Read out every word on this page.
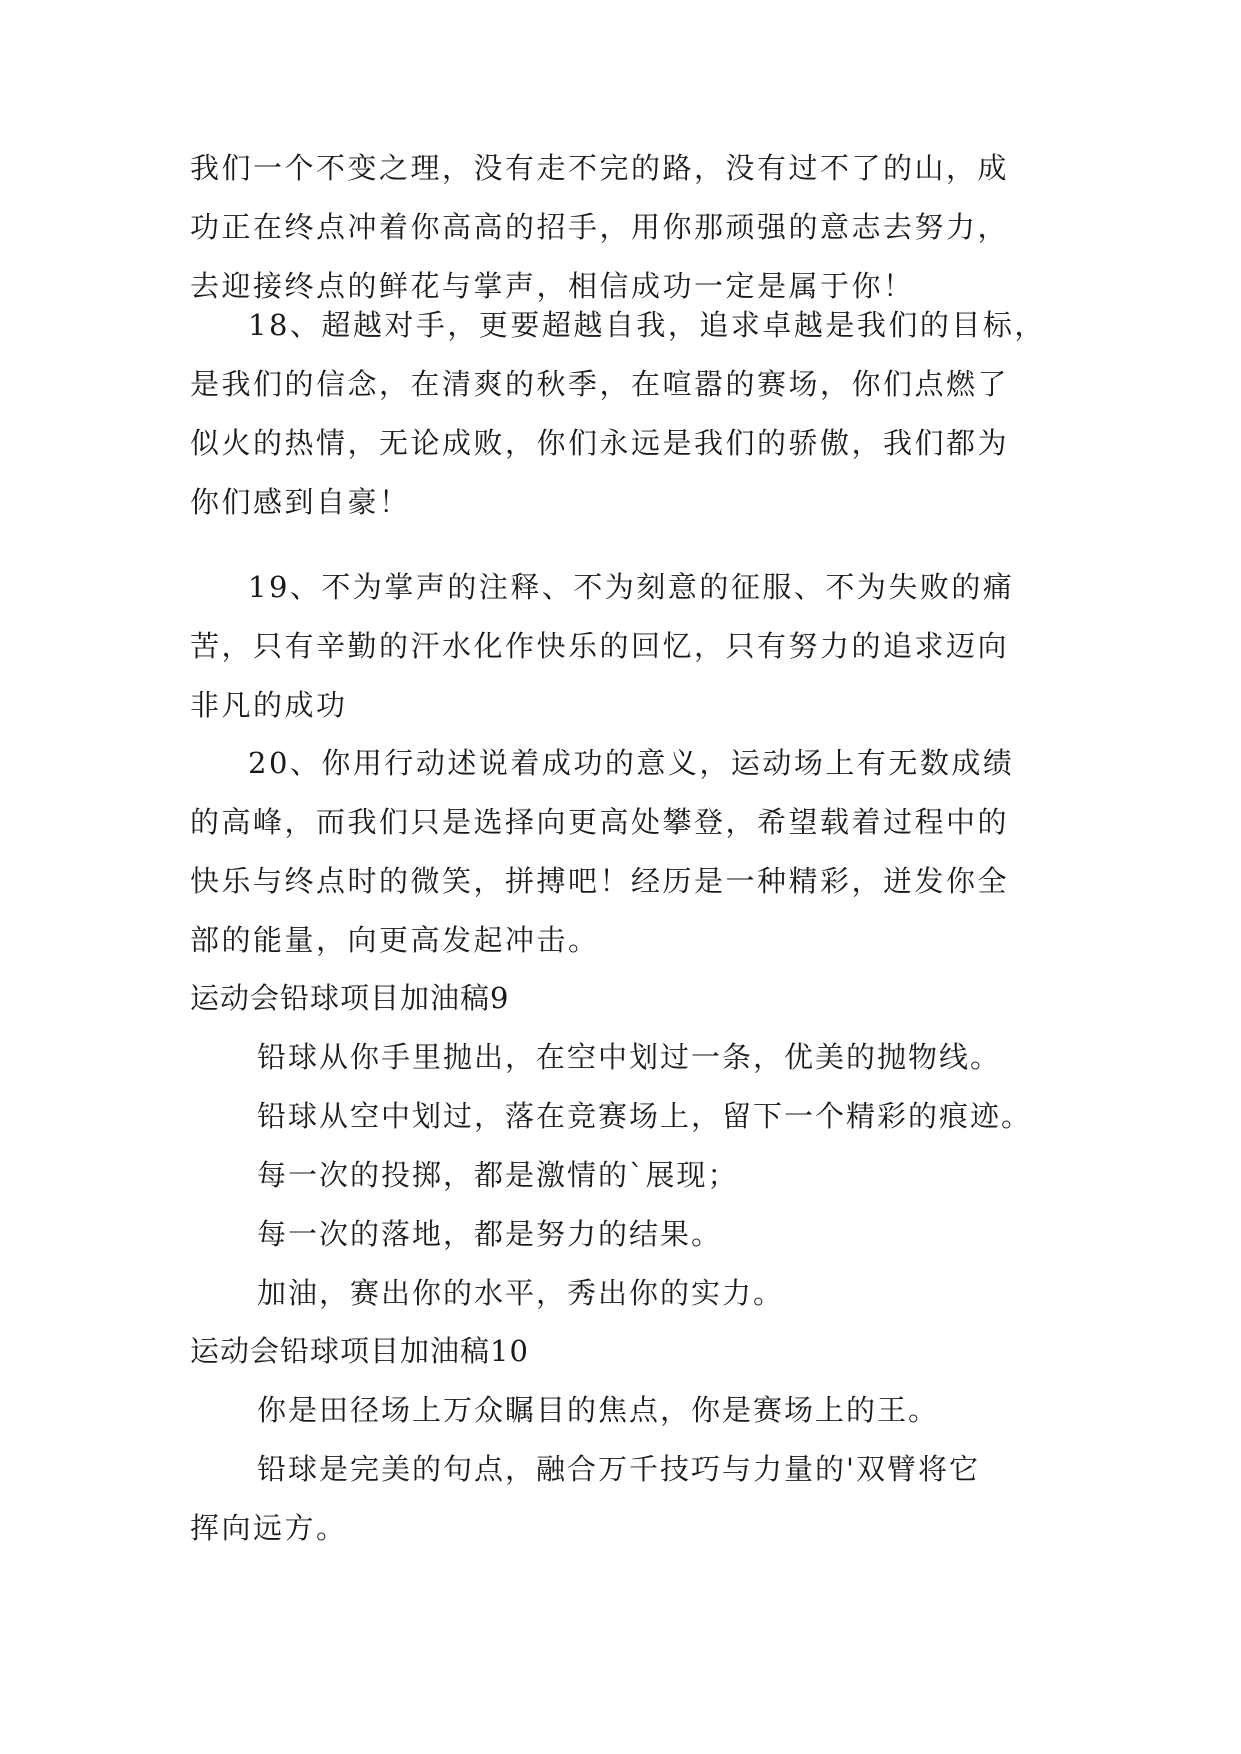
我们一个不变之理，没有走不完的路，没有过不了的山，成

功正在终点冲着你高高的招手，用你那顽强的意志去努力，

去迎接终点的鲜花与掌声，相信成功一定是属于你！

18、超越对手，更要超越自我，追求卓越是我们的目标，

是我们的信念，在清爽的秋季，在喧嚣的赛场，你们点燃了

似火的热情，无论成败，你们永远是我们的骄傲，我们都为

你们感到自豪！

19、不为掌声的注释、不为刻意的征服、不为失败的痛

苦，只有辛勤的汗水化作快乐的回忆，只有努力的追求迈向

非凡的成功

20、你用行动述说着成功的意义，运动场上有无数成绩

的高峰，而我们只是选择向更高处攀登，希望载着过程中的

快乐与终点时的微笑，拼搏吧！经历是一种精彩，迸发你全

部的能量，向更高发起冲击。

运动会铅球项目加油稿9

铅球从你手里抛出，在空中划过一条，优美的抛物线。

铅球从空中划过，落在竞赛场上，留下一个精彩的痕迹。

每一次的投掷，都是激情的`展现；

每一次的落地，都是努力的结果。

加油，赛出你的水平，秀出你的实力。

运动会铅球项目加油稿10

你是田径场上万众瞩目的焦点，你是赛场上的王。

铅球是完美的句点，融合万千技巧与力量的'双臂将它

挥向远方。
